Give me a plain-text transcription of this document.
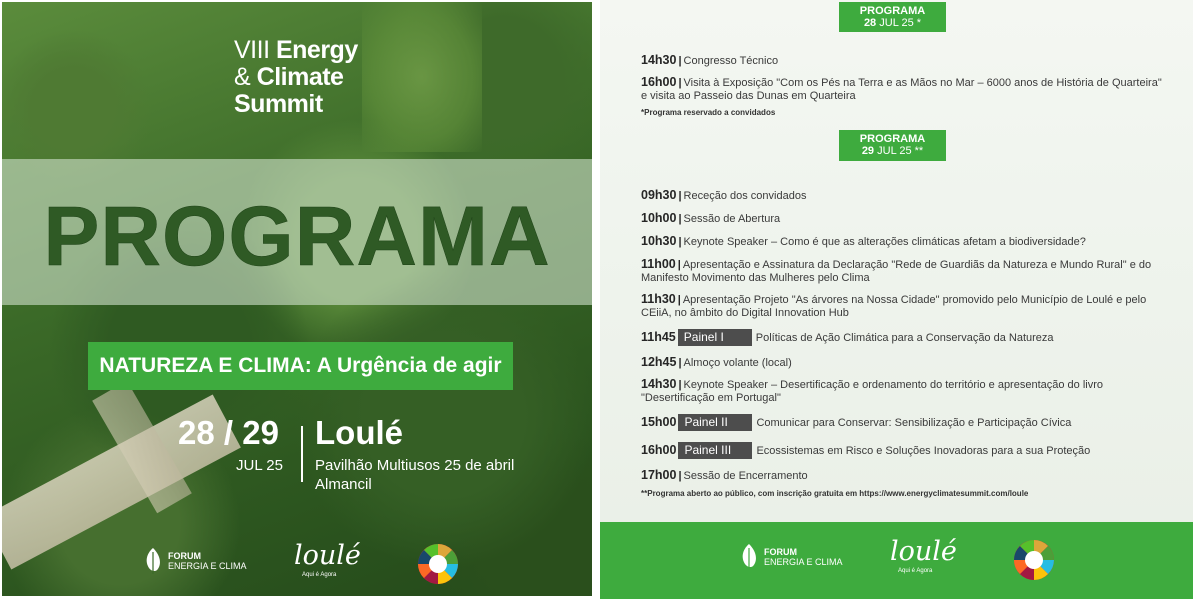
VIII Energy
& Climate
Summit
PROGRAMA
NATUREZA E CLIMA: A Urgência de agir
28 / 29
JUL 25
Loulé
Pavilhão Multiusos 25 de abril
Almancil
FORUM
ENERGIA E CLIMA loulé
Aqui é Agora
PROGRAMA
28 JUL 25 *
14h30 | Congresso Técnico
16h00 | Visita à Exposição "Com os Pés na Terra e as Mãos no Mar – 6000 anos de História de Quarteira"
e visita ao Passeio das Dunas em Quarteira
*Programa reservado a convidados
PROGRAMA
29 JUL 25 **
09h30 | Receção dos convidados
10h00 | Sessão de Abertura
10h30 | Keynote Speaker – Como é que as alterações climáticas afetam a biodiversidade?
11h00 | Apresentação e Assinatura da Declaração "Rede de Guardiãs da Natureza e Mundo Rural" e do
Manifesto Movimento das Mulheres pelo Clima
11h30 | Apresentação Projeto "As árvores na Nossa Cidade" promovido pelo Município de Loulé e pelo
CEiiA, no âmbito do Digital Innovation Hub
11h45 Painel I	Políticas de Ação Climática para a Conservação da Natureza
12h45 | Almoço volante (local)
14h30 | Keynote Speaker – Desertificação e ordenamento do território e apresentação do livro
"Desertificação em Portugal"
15h00 Painel II	Comunicar para Conservar: Sensibilização e Participação Cívica
16h00 Painel III Ecossistemas em Risco e Soluções Inovadoras para a sua Proteção
17h00 | Sessão de Encerramento
**Programa aberto ao público, com inscrição gratuita em https://www.energyclimatesummit.com/loule
FORUM
ENERGIA E CLIMA loulé
Aqui é Agora
